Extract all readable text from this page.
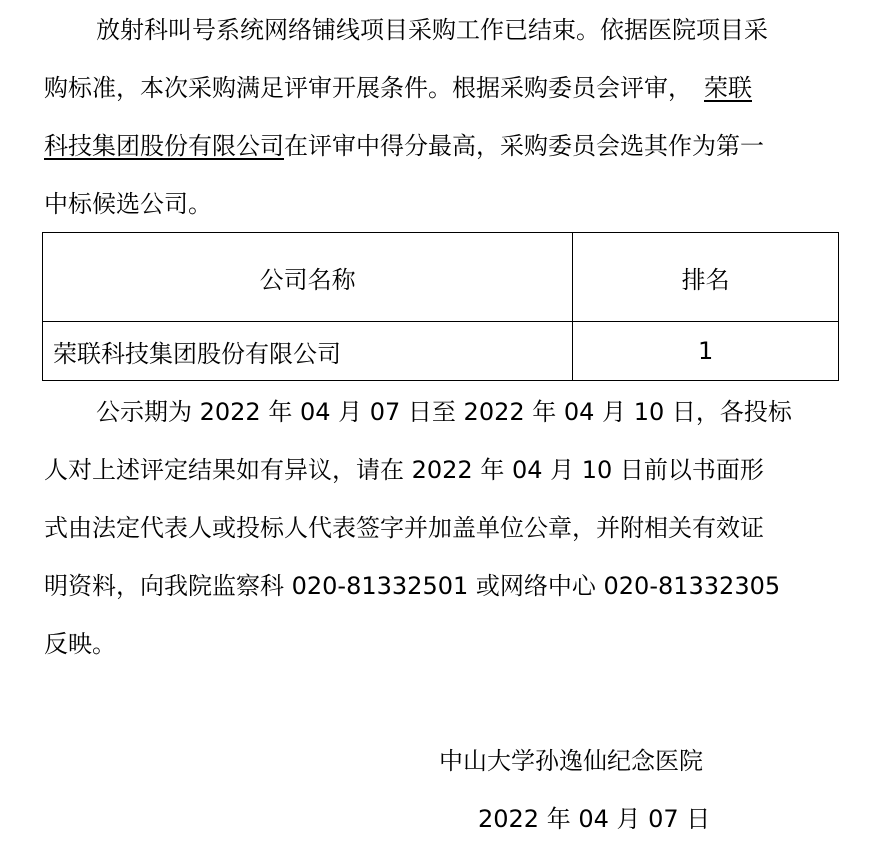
放射科叫号系统网络铺线项目采购工作已结束。依据医院项目采
购标准，本次采购满足评审开展条件。根据采购委员会评审， 荣联
科技集团股份有限公司在评审中得分最高，采购委员会选其作为第一
中标候选公司。
公司名称	排名
荣联科技集团股份有限公司	1
公示期为 2022 年 04 月 07 日至 2022 年 04 月 10 日，各投标
人对上述评定结果如有异议，请在 2022 年 04 月 10 日前以书面形
式由法定代表人或投标人代表签字并加盖单位公章，并附相关有效证
明资料，向我院监察科 020-81332501 或网络中心 020-81332305
反映。
中山大学孙逸仙纪念医院
2022 年 04 月 07 日
